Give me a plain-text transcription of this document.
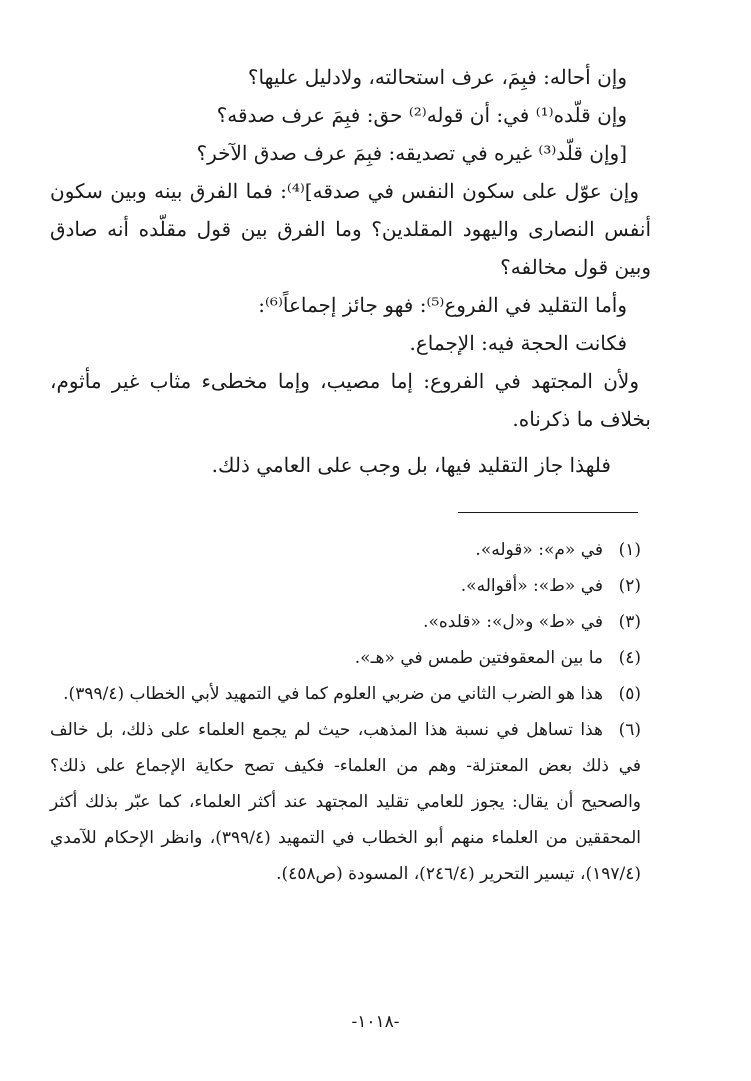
وإن أحاله: فبِمَ، عرف استحالته، ولادليل عليها؟

وإن قلّده⁽¹⁾ في: أن قوله⁽²⁾ حق: فبِمَ عرف صدقه؟

[وإن قلّد⁽³⁾ غيره في تصديقه: فبِمَ عرف صدق الآخر؟

وإن عوّل على سكون النفس في صدقه]⁽⁴⁾: فما الفرق بينه وبين سكون أنفس النصارى واليهود المقلدين؟ وما الفرق بين قول مقلّده أنه صادق وبين قول مخالفه؟

وأما التقليد في الفروع⁽⁵⁾: فهو جائز إجماعاً⁽⁶⁾:

فكانت الحجة فيه: الإجماع.

ولأن المجتهد في الفروع: إما مصيب، وإما مخطىء مثاب غير مأثوم، بخلاف ما ذكرناه.

فلهذا جاز التقليد فيها، بل وجب على العامي ذلك.

(١)في «م»: «قوله».
(٢)في «ط»: «أقواله».
(٣)في «ط» و«ل»: «قلده».
(٤)ما بين المعقوفتين طمس في «هـ».
(٥)هذا هو الضرب الثاني من ضربي العلوم كما في التمهيد لأبي الخطاب (٣٩٩/٤).
(٦)هذا تساهل في نسبة هذا المذهب، حيث لم يجمع العلماء على ذلك، بل خالف في ذلك بعض المعتزلة- وهم من العلماء- فكيف تصح حكاية الإجماع على ذلك؟ والصحيح أن يقال: يجوز للعامي تقليد المجتهد عند أكثر العلماء، كما عبّر بذلك أكثر المحققين من العلماء منهم أبو الخطاب في التمهيد (٣٩٩/٤)، وانظر الإحكام للآمدي (١٩٧/٤)، تيسير التحرير (٢٤٦/٤)، المسودة (ص٤٥٨).
-١٠١٨-
